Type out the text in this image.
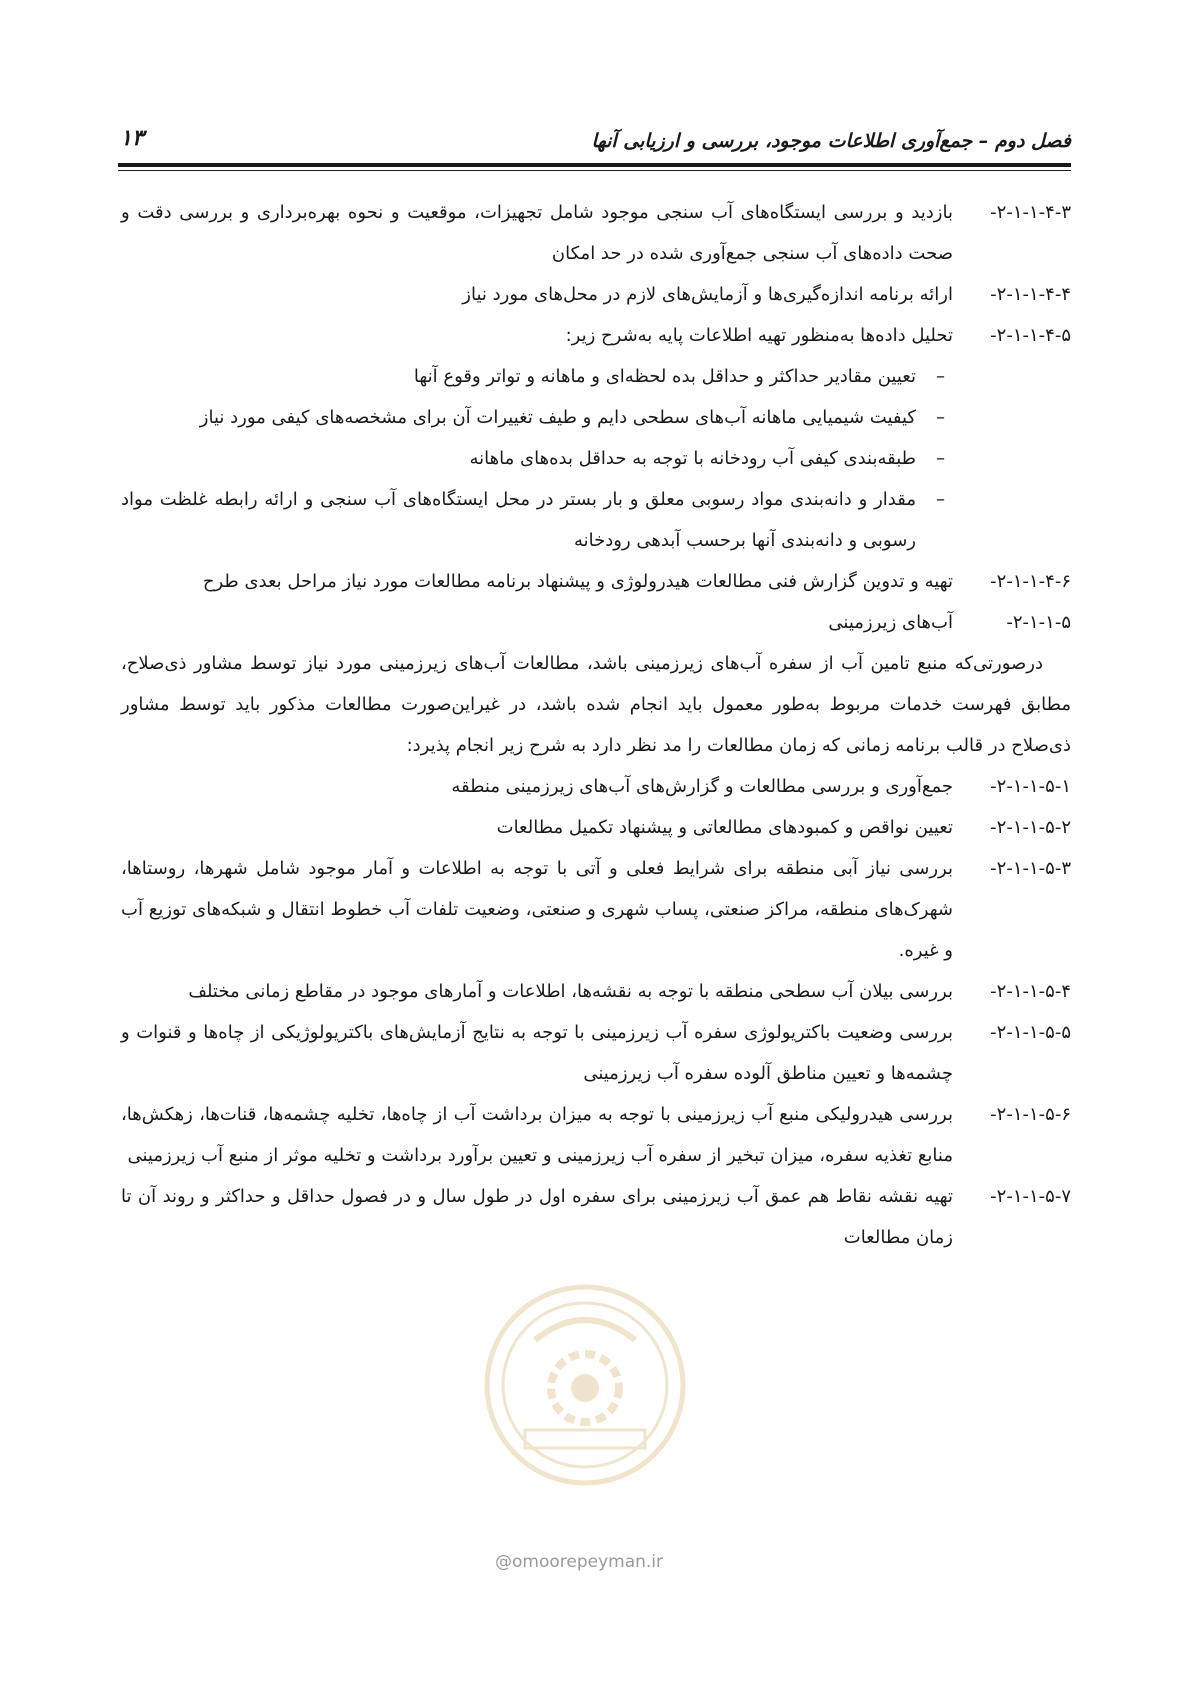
فصل دوم – جمع‌آوری اطلاعات موجود، بررسی و ارزیابی آنها
۱۳
۲-۱-۱-۴-۳-
بازدید و بررسی ایستگاه‌های آب سنجی موجود شامل تجهیزات، موقعیت و نحوه بهره‌برداری و بررسی دقت و صحت داده‌های آب سنجی جمع‌آوری شده در حد امکان
۲-۱-۱-۴-۴-
ارائه برنامه اندازه‌گیری‌ها و آزمایش‌های لازم در محل‌های مورد نیاز
۲-۱-۱-۴-۵-
تحلیل داده‌ها به‌منظور تهیه اطلاعات پایه به‌شرح زیر:
–
تعیین مقادیر حداکثر و حداقل بده لحظه‌ای و ماهانه و تواتر وقوع آنها
–
کیفیت شیمیایی ماهانه آب‌های سطحی دایم و طیف تغییرات آن برای مشخصه‌های کیفی مورد نیاز
–
طبقه‌بندی کیفی آب رودخانه با توجه به حداقل بده‌های ماهانه
–
مقدار و دانه‌بندی مواد رسوبی معلق و بار بستر در محل ایستگاه‌های آب سنجی و ارائه رابطه غلظت مواد رسوبی و دانه‌بندی آنها برحسب آبدهی رودخانه
۲-۱-۱-۴-۶-
تهیه و تدوین گزارش فنی مطالعات هیدرولوژی و پیشنهاد برنامه مطالعات مورد نیاز مراحل بعدی طرح
۲-۱-۱-۵-
آب‌های زیرزمینی
درصورتی‌که منبع تامین آب از سفره آب‌های زیرزمینی باشد، مطالعات آب‌های زیرزمینی مورد نیاز توسط مشاور ذی‌صلاح، مطابق فهرست خدمات مربوط به‌طور معمول باید انجام شده باشد، در غیراین‌صورت مطالعات مذکور باید توسط مشاور ذی‌صلاح در قالب برنامه زمانی که زمان مطالعات را مد نظر دارد به شرح زیر انجام پذیرد:
۲-۱-۱-۵-۱-
جمع‌آوری و بررسی مطالعات و گزارش‌های آب‌های زیرزمینی منطقه
۲-۱-۱-۵-۲-
تعیین نواقص و کمبودهای مطالعاتی و پیشنهاد تکمیل مطالعات
۲-۱-۱-۵-۳-
بررسی نیاز آبی منطقه برای شرایط فعلی و آتی با توجه به اطلاعات و آمار موجود شامل شهرها، روستاها، شهرک‌های منطقه، مراکز صنعتی، پساب شهری و صنعتی، وضعیت تلفات آب خطوط انتقال و شبکه‌های توزیع آب و غیره.
۲-۱-۱-۵-۴-
بررسی بیلان آب سطحی منطقه با توجه به نقشه‌ها، اطلاعات و آمارهای موجود در مقاطع زمانی مختلف
۲-۱-۱-۵-۵-
بررسی وضعیت باکتریولوژی سفره آب زیرزمینی با توجه به نتایج آزمایش‌های باکتریولوژیکی از چاه‌ها و قنوات و چشمه‌ها و تعیین مناطق آلوده سفره آب زیرزمینی
۲-۱-۱-۵-۶-
بررسی هیدرولیکی منبع آب زیرزمینی با توجه به میزان برداشت آب از چاه‌ها، تخلیه چشمه‌ها، قنات‌ها، زهکش‌ها، منابع تغذیه سفره، میزان تبخیر از سفره آب زیرزمینی و تعیین برآورد برداشت و تخلیه موثر از منبع آب زیرزمینی
۲-۱-۱-۵-۷-
تهیه نقشه نقاط هم عمق آب زیرزمینی برای سفره اول در طول سال و در فصول حداقل و حداکثر و روند آن تا زمان مطالعات
@omoorepeyman.ir
